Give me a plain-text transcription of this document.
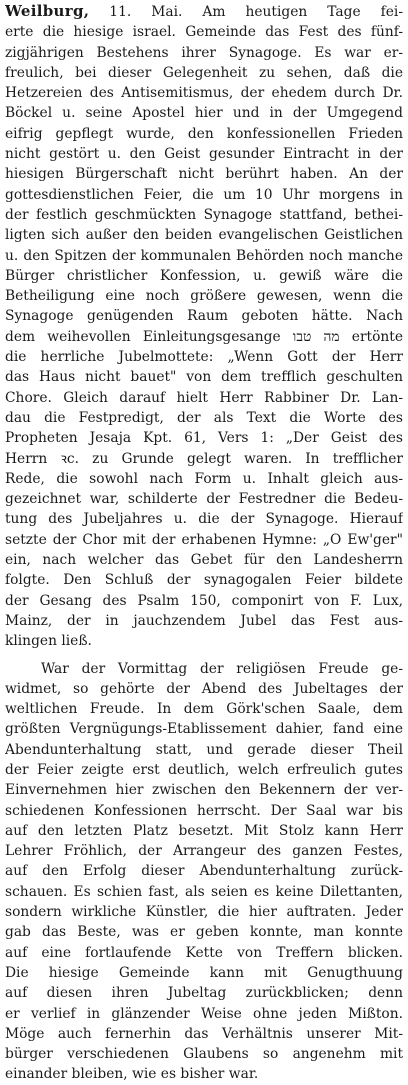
Weilburg, 11. Mai. Am heutigen Tage fei-
erte die hiesige israel. Gemeinde das Fest des fünf-
zigjährigen Bestehens ihrer Synagoge. Es war er-
freulich, bei dieser Gelegenheit zu sehen, daß die
Hetzereien des Antisemitismus, der ehedem durch Dr.
Böckel u. seine Apostel hier und in der Umgegend
eifrig gepflegt wurde, den konfessionellen Frieden
nicht gestört u. den Geist gesunder Eintracht in der
hiesigen Bürgerschaft nicht berührt haben. An der
gottesdienstlichen Feier, die um 10 Uhr morgens in
der festlich geschmückten Synagoge stattfand, bethei-
ligten sich außer den beiden evangelischen Geistlichen
u. den Spitzen der kommunalen Behörden noch manche
Bürger christlicher Konfession, u. gewiß wäre die
Betheiligung eine noch größere gewesen, wenn die
Synagoge genügenden Raum geboten hätte. Nach
dem weihevollen Einleitungsgesange מה טבו ertönte
die herrliche Jubelmottete: „Wenn Gott der Herr
das Haus nicht bauet" von dem trefflich geschulten
Chore. Gleich darauf hielt Herr Rabbiner Dr. Lan-
dau die Festpredigt, der als Text die Worte des
Propheten Jesaja Kpt. 61, Vers 1: „Der Geist des
Herrn ꝛc. zu Grunde gelegt waren. In trefflicher
Rede, die sowohl nach Form u. Inhalt gleich aus-
gezeichnet war, schilderte der Festredner die Bedeu-
tung des Jubeljahres u. die der Synagoge. Hierauf
setzte der Chor mit der erhabenen Hymne: „O Ew'ger"
ein, nach welcher das Gebet für den Landesherrn
folgte. Den Schluß der synagogalen Feier bildete
der Gesang des Psalm 150, componirt von F. Lux,
Mainz, der in jauchzendem Jubel das Fest aus-
klingen ließ.
War der Vormittag der religiösen Freude ge-
widmet, so gehörte der Abend des Jubeltages der
weltlichen Freude. In dem Görk'schen Saale, dem
größten Vergnügungs-Etablissement dahier, fand eine
Abendunterhaltung statt, und gerade dieser Theil
der Feier zeigte erst deutlich, welch erfreulich gutes
Einvernehmen hier zwischen den Bekennern der ver-
schiedenen Konfessionen herrscht. Der Saal war bis
auf den letzten Platz besetzt. Mit Stolz kann Herr
Lehrer Fröhlich, der Arrangeur des ganzen Festes,
auf den Erfolg dieser Abendunterhaltung zurück-
schauen. Es schien fast, als seien es keine Dilettanten,
sondern wirkliche Künstler, die hier auftraten. Jeder
gab das Beste, was er geben konnte, man konnte
auf eine fortlaufende Kette von Treffern blicken.
Die hiesige Gemeinde kann mit Genugthuung
auf diesen ihren Jubeltag zurückblicken; denn
er verlief in glänzender Weise ohne jeden Mißton.
Möge auch fernerhin das Verhältnis unserer Mit-
bürger verschiedenen Glaubens so angenehm mit
einander bleiben, wie es bisher war.
